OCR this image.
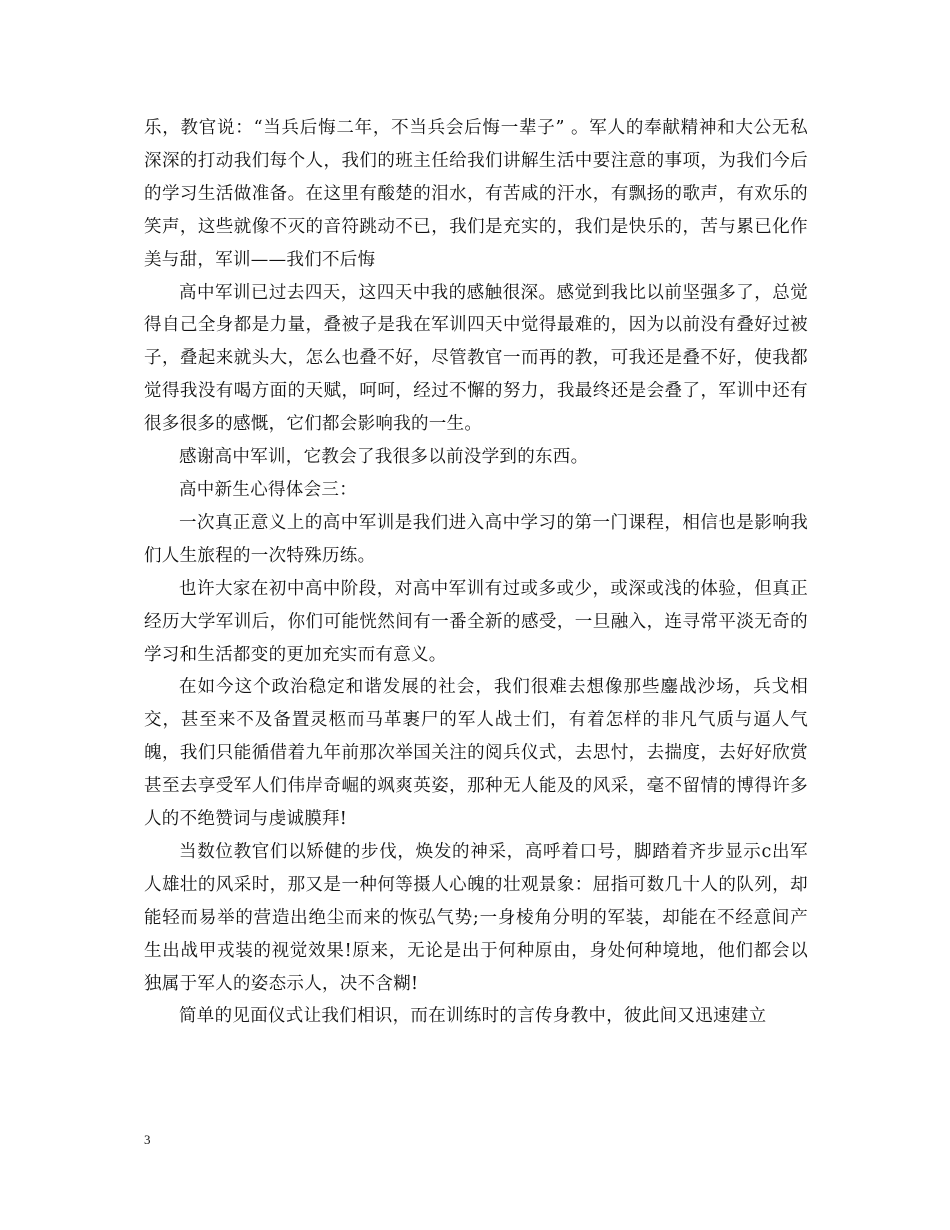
乐，教官说：“当兵后悔二年，不当兵会后悔一辈子” 。军人的奉献精神和大公无私深深的打动我们每个人，我们的班主任给我们讲解生活中要注意的事项，为我们今后的学习生活做准备。在这里有酸楚的泪水，有苦咸的汗水，有飘扬的歌声，有欢乐的笑声，这些就像不灭的音符跳动不已，我们是充实的，我们是快乐的，苦与累已化作美与甜，军训——我们不后悔

高中军训已过去四天，这四天中我的感触很深。感觉到我比以前坚强多了，总觉得自己全身都是力量，叠被子是我在军训四天中觉得最难的，因为以前没有叠好过被子，叠起来就头大，怎么也叠不好，尽管教官一而再的教，可我还是叠不好，使我都觉得我没有喝方面的天赋，呵呵，经过不懈的努力，我最终还是会叠了，军训中还有很多很多的感慨，它们都会影响我的一生。

感谢高中军训，它教会了我很多以前没学到的东西。

高中新生心得体会三：

一次真正意义上的高中军训是我们进入高中学习的第一门课程，相信也是影响我们人生旅程的一次特殊历练。

也许大家在初中高中阶段，对高中军训有过或多或少，或深或浅的体验，但真正经历大学军训后，你们可能恍然间有一番全新的感受，一旦融入，连寻常平淡无奇的学习和生活都变的更加充实而有意义。

在如今这个政治稳定和谐发展的社会，我们很难去想像那些鏖战沙场，兵戈相交，甚至来不及备置灵柩而马革裹尸的军人战士们，有着怎样的非凡气质与逼人气魄，我们只能循借着九年前那次举国关注的阅兵仪式，去思忖，去揣度，去好好欣赏甚至去享受军人们伟岸奇崛的飒爽英姿，那种无人能及的风采，毫不留情的博得许多人的不绝赞词与虔诚膜拜!

当数位教官们以矫健的步伐，焕发的神采，高呼着口号，脚踏着齐步显示c出军人雄壮的风采时，那又是一种何等摄人心魄的壮观景象：屈指可数几十人的队列，却能轻而易举的营造出绝尘而来的恢弘气势;一身棱角分明的军装，却能在不经意间产生出战甲戎装的视觉效果!原来，无论是出于何种原由，身处何种境地，他们都会以独属于军人的姿态示人，决不含糊!

简单的见面仪式让我们相识，而在训练时的言传身教中，彼此间又迅速建立

3
